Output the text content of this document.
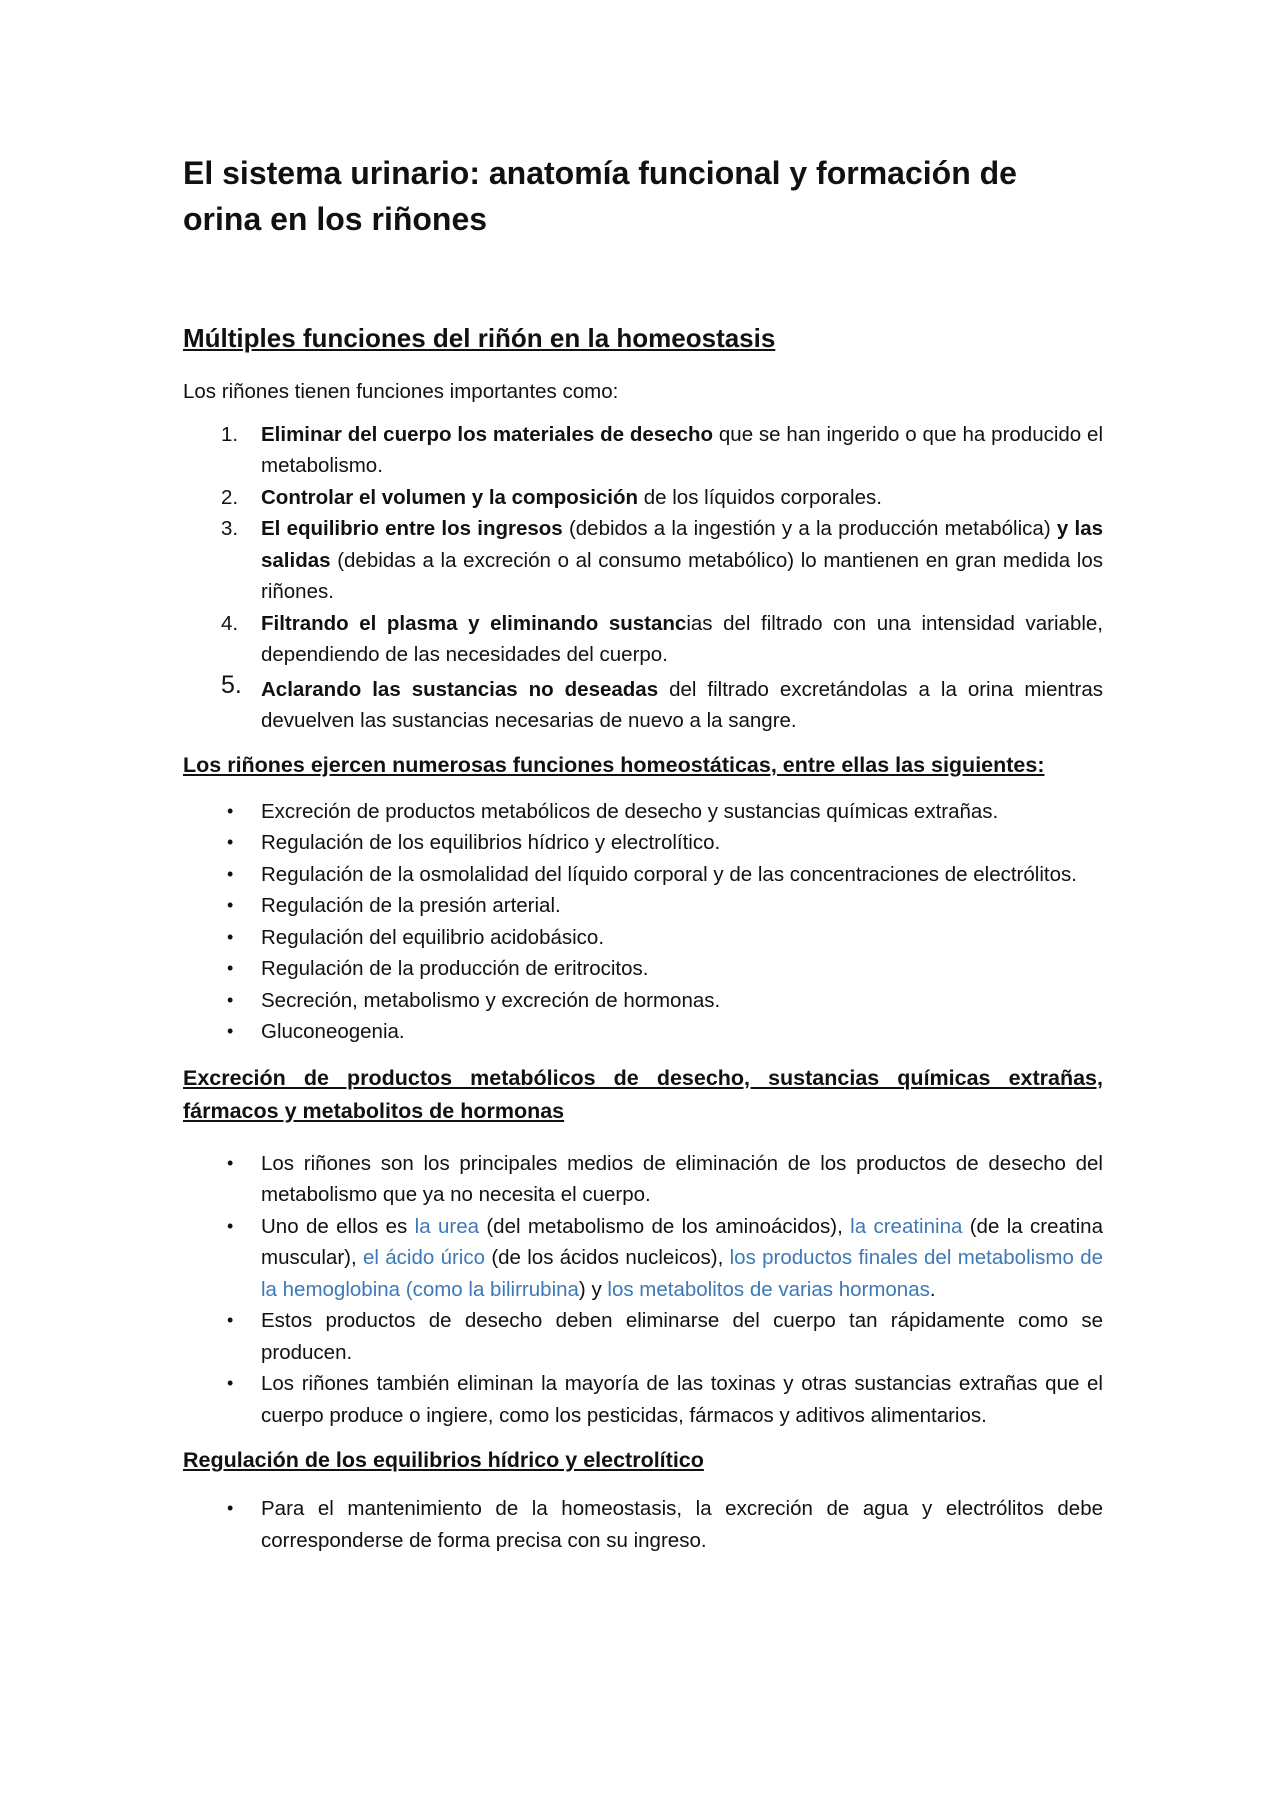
El sistema urinario: anatomía funcional y formación de orina en los riñones
Múltiples funciones del riñón en la homeostasis

Los riñones tienen funciones importantes como:

1. Eliminar del cuerpo los materiales de desecho que se han ingerido o que ha producido el metabolismo.
2. Controlar el volumen y la composición de los líquidos corporales.
3. El equilibrio entre los ingresos (debidos a la ingestión y a la producción metabólica) y las salidas (debidas a la excreción o al consumo metabólico) lo mantienen en gran medida los riñones.
4. Filtrando el plasma y eliminando sustancias del filtrado con una intensidad variable, dependiendo de las necesidades del cuerpo.
5. Aclarando las sustancias no deseadas del filtrado excretándolas a la orina mientras devuelven las sustancias necesarias de nuevo a la sangre.
Los riñones ejercen numerosas funciones homeostáticas, entre ellas las siguientes:
• Excreción de productos metabólicos de desecho y sustancias químicas extrañas.
• Regulación de los equilibrios hídrico y electrolítico.
• Regulación de la osmolalidad del líquido corporal y de las concentraciones de electrólitos.
• Regulación de la presión arterial.
• Regulación del equilibrio acidobásico.
• Regulación de la producción de eritrocitos.
• Secreción, metabolismo y excreción de hormonas.
• Gluconeogenia.
Excreción de productos metabólicos de desecho, sustancias químicas extrañas, fármacos y metabolitos de hormonas
• Los riñones son los principales medios de eliminación de los productos de desecho del metabolismo que ya no necesita el cuerpo.
• Uno de ellos es la urea (del metabolismo de los aminoácidos), la creatinina (de la creatina muscular), el ácido úrico (de los ácidos nucleicos), los productos finales del metabolismo de la hemoglobina (como la bilirrubina) y los metabolitos de varias hormonas.
• Estos productos de desecho deben eliminarse del cuerpo tan rápidamente como se producen.
• Los riñones también eliminan la mayoría de las toxinas y otras sustancias extrañas que el cuerpo produce o ingiere, como los pesticidas, fármacos y aditivos alimentarios.
Regulación de los equilibrios hídrico y electrolítico
• Para el mantenimiento de la homeostasis, la excreción de agua y electrólitos debe corresponderse de forma precisa con su ingreso.
